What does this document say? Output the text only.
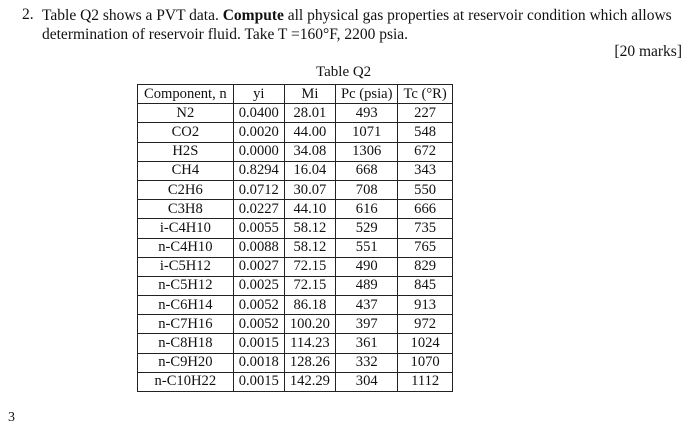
2. Table Q2 shows a PVT data. Compute all physical gas properties at reservoir condition which allows determination of reservoir fluid. Take T =160°F, 2200 psia.
[20 marks]
Table Q2
Component, n	yi	Mi	Pc (psia)	Tc (°R)
N2	0.0400	28.01	493	227
CO2	0.0020	44.00	1071	548
H2S	0.0000	34.08	1306	672
CH4	0.8294	16.04	668	343
C2H6	0.0712	30.07	708	550
C3H8	0.0227	44.10	616	666
i-C4H10	0.0055	58.12	529	735
n-C4H10	0.0088	58.12	551	765
i-C5H12	0.0027	72.15	490	829
n-C5H12	0.0025	72.15	489	845
n-C6H14	0.0052	86.18	437	913
n-C7H16	0.0052	100.20	397	972
n-C8H18	0.0015	114.23	361	1024
n-C9H20	0.0018	128.26	332	1070
n-C10H22	0.0015	142.29	304	1112
3
